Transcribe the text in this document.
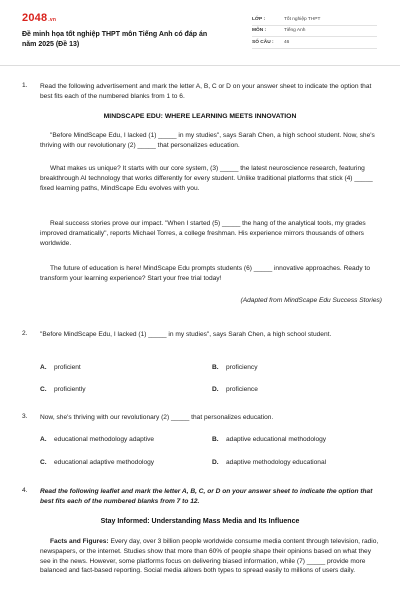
2048.vn
Đề minh họa tốt nghiệp THPT môn Tiếng Anh có đáp án năm 2025 (Đề 13)
LỚP :	Tốt nghiệp THPT
MÔN :	Tiếng Anh
SỐ CÂU :	46
1. Read the following advertisement and mark the letter A, B, C or D on your answer sheet to indicate the option that best fits each of the numbered blanks from 1 to 6.
MINDSCAPE EDU: WHERE LEARNING MEETS INNOVATION
"Before MindScape Edu, I lacked (1) _____ in my studies", says Sarah Chen, a high school student. Now, she's thriving with our revolutionary (2) _____ that personalizes education.
What makes us unique? It starts with our core system, (3) _____ the latest neuroscience research, featuring breakthrough AI technology that works differently for every student. Unlike traditional platforms that stick (4) _____ fixed learning paths, MindScape Edu evolves with you.
Real success stories prove our impact. "When I started (5) _____ the hang of the analytical tools, my grades improved dramatically", reports Michael Torres, a college freshman. His experience mirrors thousands of others worldwide.
The future of education is here! MindScape Edu prompts students (6) _____ innovative approaches. Ready to transform your learning experience? Start your free trial today!
(Adapted from MindScape Edu Success Stories)
2. "Before MindScape Edu, I lacked (1) _____ in my studies", says Sarah Chen, a high school student.
A.	proficient	B.	proficiency
C.	proficiently	D.	proficience
3. Now, she's thriving with our revolutionary (2) _____ that personalizes education.
A.	educational methodology adaptive	B.	adaptive educational methodology
C.	educational adaptive methodology	D.	adaptive methodology educational
4. Read the following leaflet and mark the letter A, B, C, or D on your answer sheet to indicate the option that best fits each of the numbered blanks from 7 to 12.
Stay Informed: Understanding Mass Media and Its Influence
Facts and Figures: Every day, over 3 billion people worldwide consume media content through television, radio, newspapers, or the internet. Studies show that more than 60% of people shape their opinions based on what they see in the news. However, some platforms focus on delivering biased information, while (7) _____ provide more balanced and fact-based reporting. Social media allows both types to spread easily to millions of users daily.
